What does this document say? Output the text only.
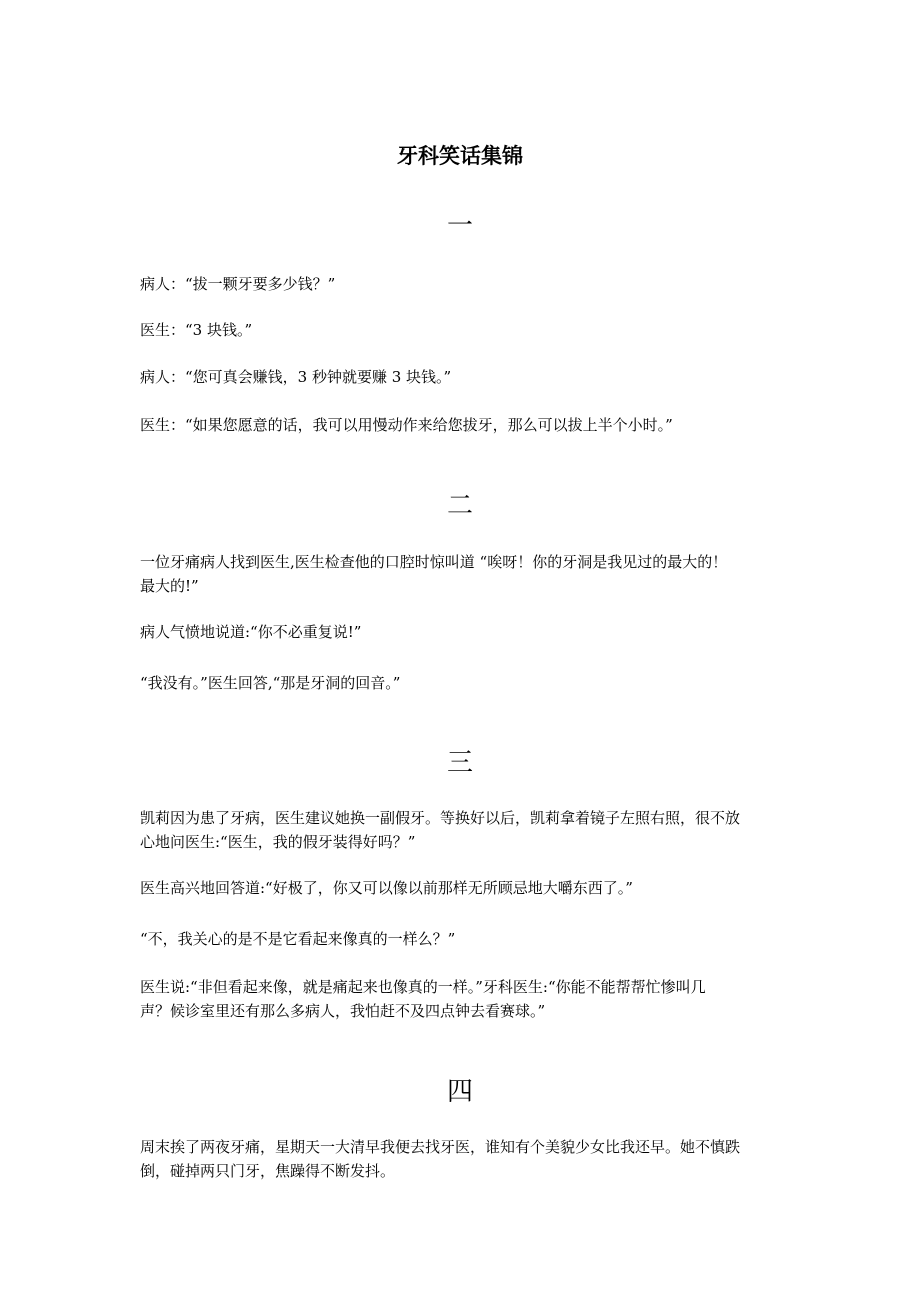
牙科笑话集锦
一

病人：“拔一颗牙要多少钱？”

医生：“3 块钱。”

病人：“您可真会赚钱，3 秒钟就要赚 3 块钱。”

医生：“如果您愿意的话，我可以用慢动作来给您拔牙，那么可以拔上半个小时。”

二

一位牙痛病人找到医生,医生检查他的口腔时惊叫道 “唉呀！你的牙洞是我见过的最大的！
最大的!”

病人气愤地说道:“你不必重复说!”

“我没有。”医生回答,“那是牙洞的回音。”

三

凯莉因为患了牙病，医生建议她换一副假牙。等换好以后，凯莉拿着镜子左照右照，很不放
心地问医生:“医生，我的假牙装得好吗？”

医生高兴地回答道:“好极了，你又可以像以前那样无所顾忌地大嚼东西了。”

“不，我关心的是不是它看起来像真的一样么？”

医生说:“非但看起来像，就是痛起来也像真的一样。”牙科医生:“你能不能帮帮忙惨叫几
声？候诊室里还有那么多病人，我怕赶不及四点钟去看赛球。”

四

周末挨了两夜牙痛，星期天一大清早我便去找牙医，谁知有个美貌少女比我还早。她不慎跌
倒，碰掉两只门牙，焦躁得不断发抖。
